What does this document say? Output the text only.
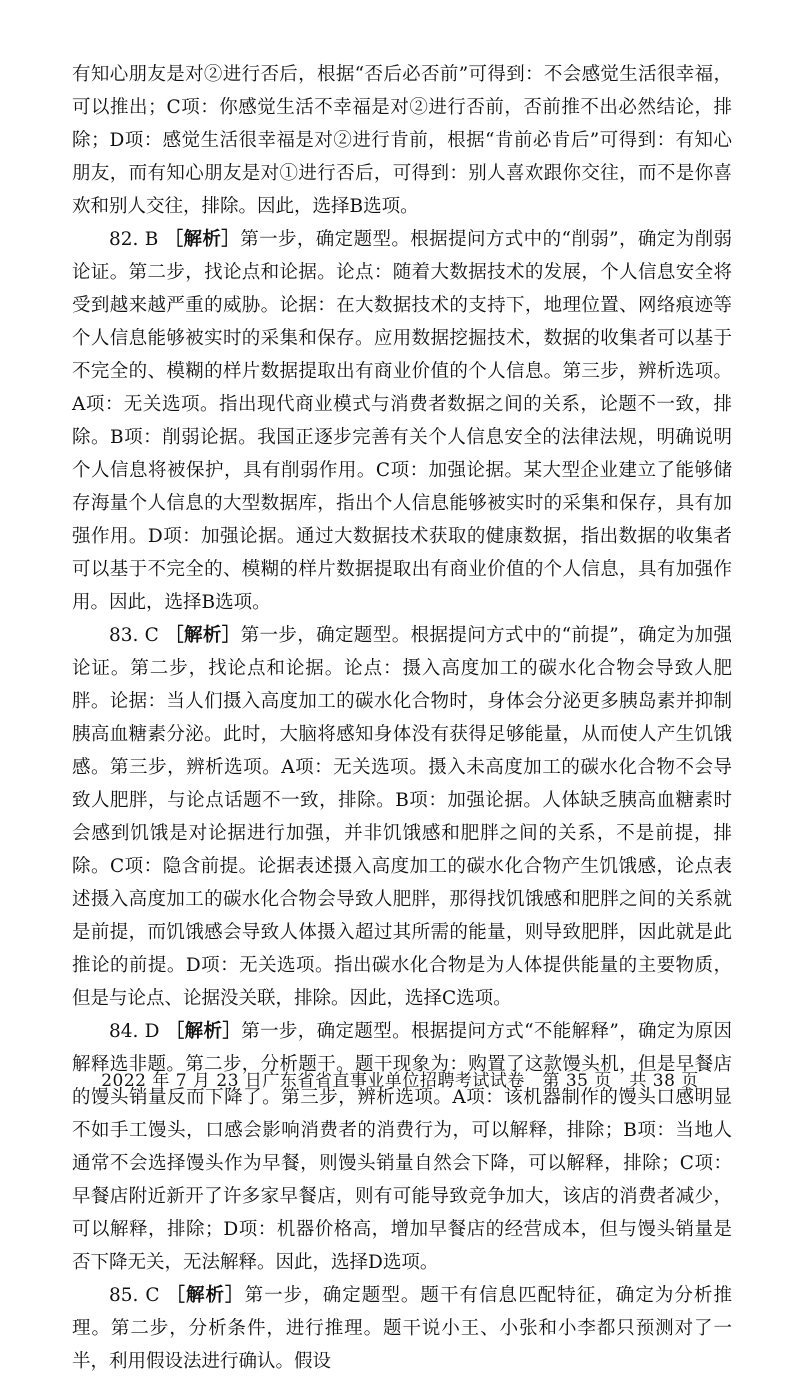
有知心朋友是对②进行否后，根据“否后必否前”可得到：不会感觉生活很幸福，可以推出；C项：你感觉生活不幸福是对②进行否前，否前推不出必然结论，排除；D项：感觉生活很幸福是对②进行肯前，根据“肯前必肯后”可得到：有知心朋友，而有知心朋友是对①进行否后，可得到：别人喜欢跟你交往，而不是你喜欢和别人交往，排除。因此，选择B选项。

82. B ［解析］第一步，确定题型。根据提问方式中的“削弱”，确定为削弱论证。第二步，找论点和论据。论点：随着大数据技术的发展，个人信息安全将受到越来越严重的威胁。论据：在大数据技术的支持下，地理位置、网络痕迹等个人信息能够被实时的采集和保存。应用数据挖掘技术，数据的收集者可以基于不完全的、模糊的样片数据提取出有商业价值的个人信息。第三步，辨析选项。A项：无关选项。指出现代商业模式与消费者数据之间的关系，论题不一致，排除。B项：削弱论据。我国正逐步完善有关个人信息安全的法律法规，明确说明个人信息将被保护，具有削弱作用。C项：加强论据。某大型企业建立了能够储存海量个人信息的大型数据库，指出个人信息能够被实时的采集和保存，具有加强作用。D项：加强论据。通过大数据技术获取的健康数据，指出数据的收集者可以基于不完全的、模糊的样片数据提取出有商业价值的个人信息，具有加强作用。因此，选择B选项。

83. C ［解析］第一步，确定题型。根据提问方式中的“前提”，确定为加强论证。第二步，找论点和论据。论点：摄入高度加工的碳水化合物会导致人肥胖。论据：当人们摄入高度加工的碳水化合物时，身体会分泌更多胰岛素并抑制胰高血糖素分泌。此时，大脑将感知身体没有获得足够能量，从而使人产生饥饿感。第三步，辨析选项。A项：无关选项。摄入未高度加工的碳水化合物不会导致人肥胖，与论点话题不一致，排除。B项：加强论据。人体缺乏胰高血糖素时会感到饥饿是对论据进行加强，并非饥饿感和肥胖之间的关系，不是前提，排除。C项：隐含前提。论据表述摄入高度加工的碳水化合物产生饥饿感，论点表述摄入高度加工的碳水化合物会导致人肥胖，那得找饥饿感和肥胖之间的关系就是前提，而饥饿感会导致人体摄入超过其所需的能量，则导致肥胖，因此就是此推论的前提。D项：无关选项。指出碳水化合物是为人体提供能量的主要物质，但是与论点、论据没关联，排除。因此，选择C选项。

84. D ［解析］第一步，确定题型。根据提问方式“不能解释”，确定为原因解释选非题。第二步，分析题干。题干现象为：购置了这款馒头机，但是早餐店的馒头销量反而下降了。第三步，辨析选项。A项：该机器制作的馒头口感明显不如手工馒头，口感会影响消费者的消费行为，可以解释，排除；B项：当地人通常不会选择馒头作为早餐，则馒头销量自然会下降，可以解释，排除；C项：早餐店附近新开了许多家早餐店，则有可能导致竞争加大，该店的消费者减少，可以解释，排除；D项：机器价格高，增加早餐店的经营成本，但与馒头销量是否下降无关，无法解释。因此，选择D选项。

85. C ［解析］第一步，确定题型。题干有信息匹配特征，确定为分析推理。第二步，分析条件，进行推理。题干说小王、小张和小李都只预测对了一半，利用假设法进行确认。假设

2022 年 7 月 23 日广东省省直事业单位招聘考试试卷　第 35 页　共 38 页
